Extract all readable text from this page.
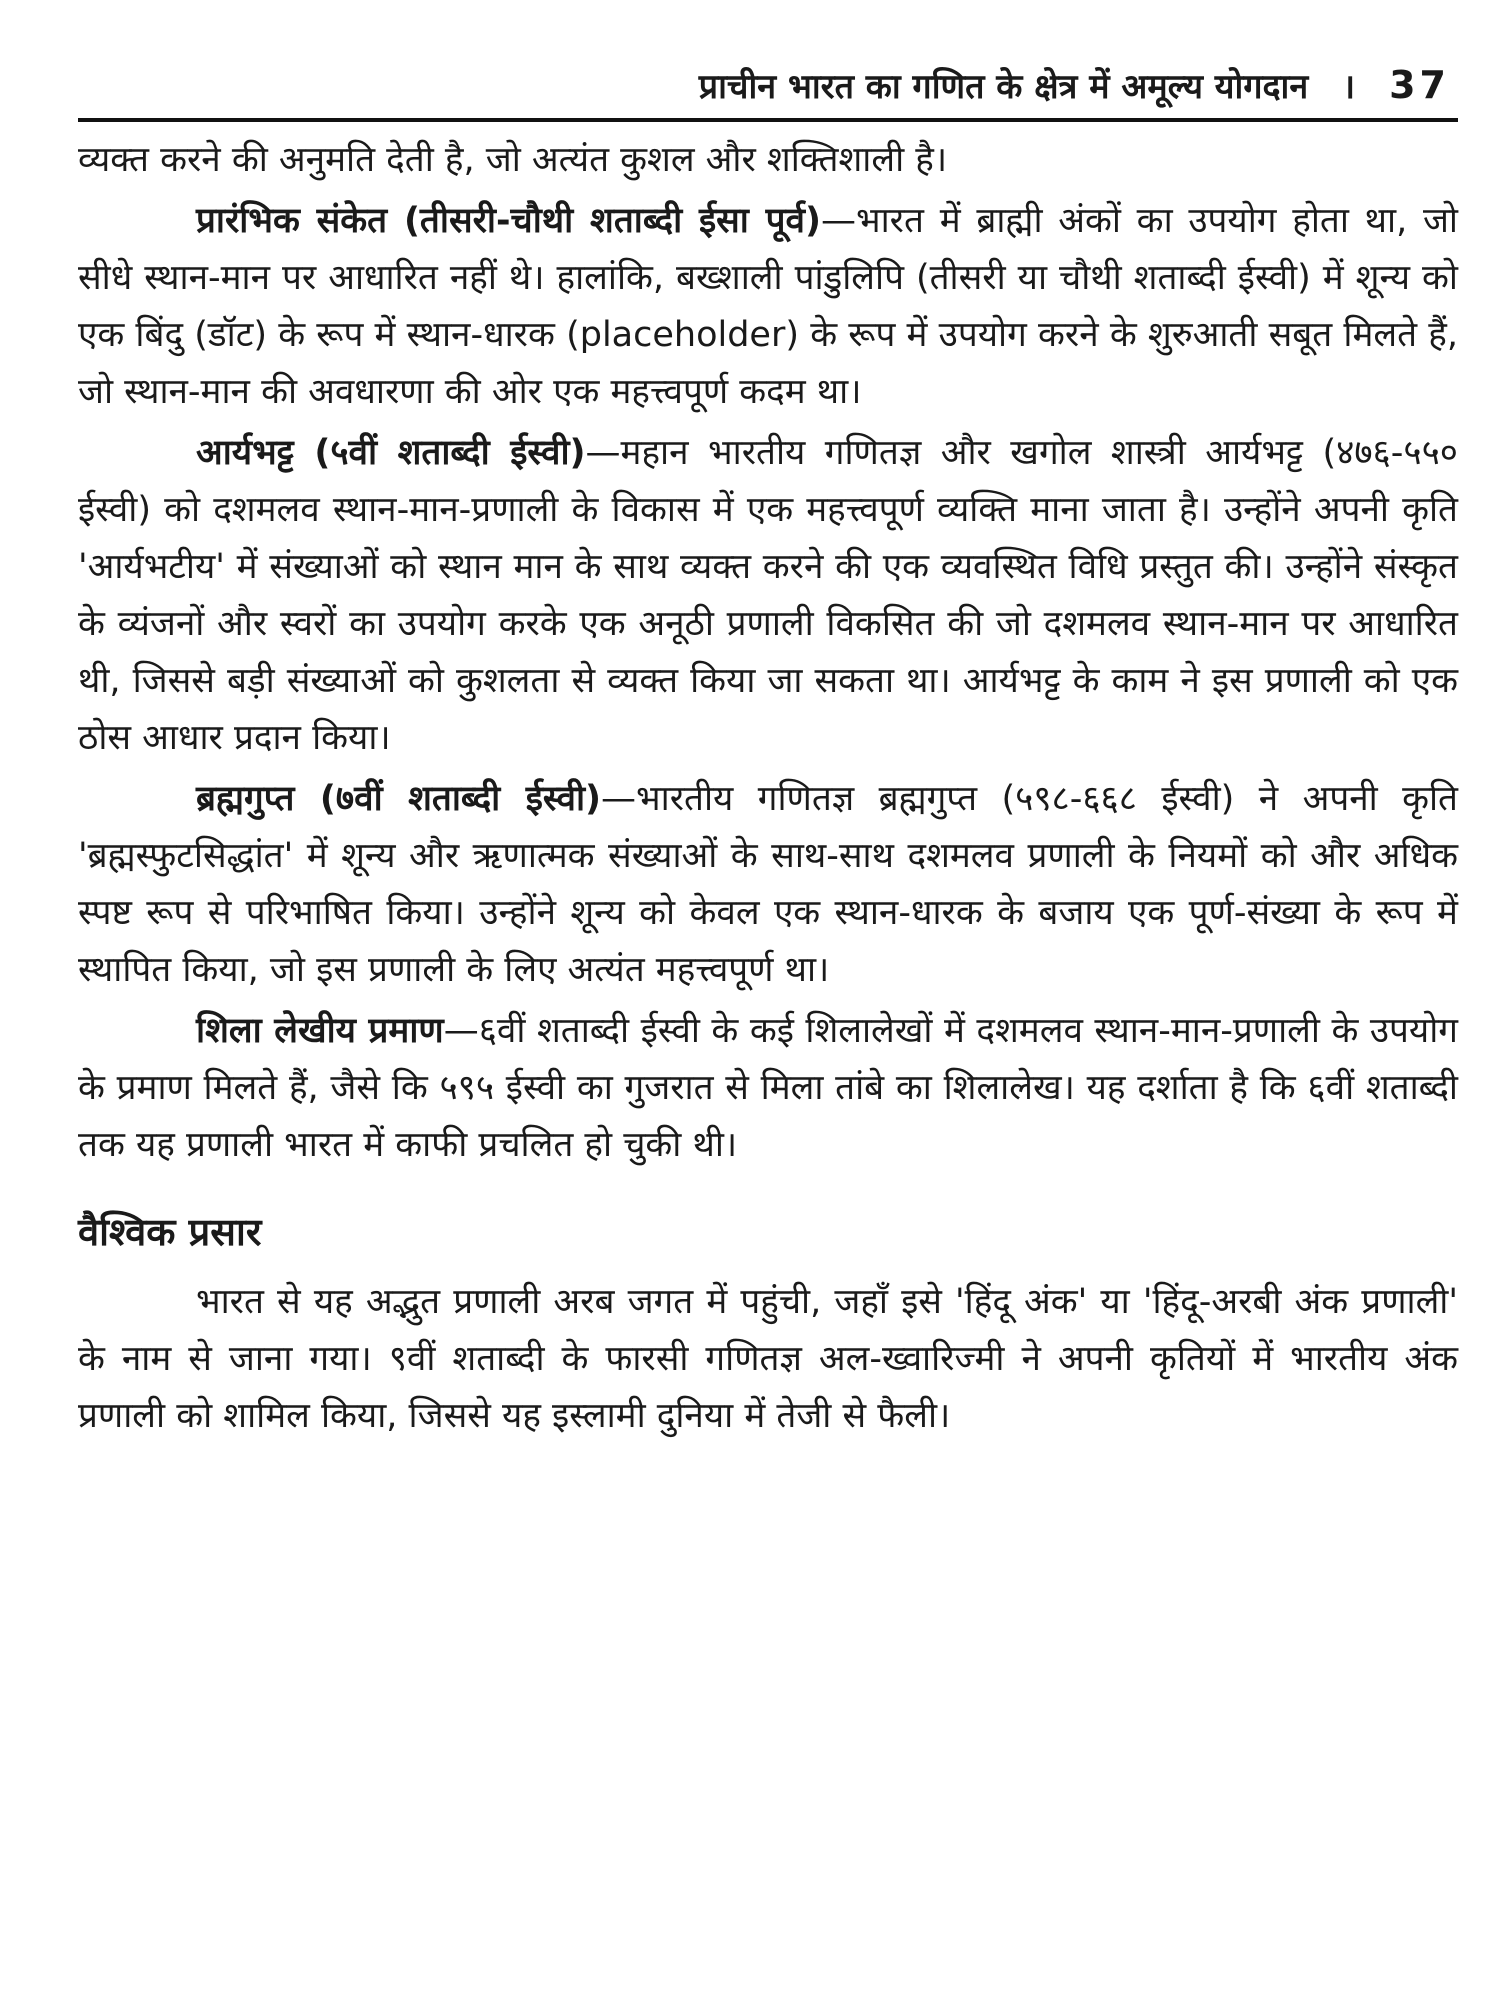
प्राचीन भारत का गणित के क्षेत्र में अमूल्य योगदान । 37

व्यक्त करने की अनुमति देती है, जो अत्यंत कुशल और शक्तिशाली है।

प्रारंभिक संकेत (तीसरी-चौथी शताब्दी ईसा पूर्व)—भारत में ब्राह्मी अंकों का उपयोग होता था, जो सीधे स्थान-मान पर आधारित नहीं थे। हालांकि, बख्शाली पांडुलिपि (तीसरी या चौथी शताब्दी ईस्वी) में शून्य को एक बिंदु (डॉट) के रूप में स्थान-धारक (placeholder) के रूप में उपयोग करने के शुरुआती सबूत मिलते हैं, जो स्थान-मान की अवधारणा की ओर एक महत्त्वपूर्ण कदम था।

आर्यभट्ट (५वीं शताब्दी ईस्वी)—महान भारतीय गणितज्ञ और खगोल शास्त्री आर्यभट्ट (४७६-५५० ईस्वी) को दशमलव स्थान-मान-प्रणाली के विकास में एक महत्त्वपूर्ण व्यक्ति माना जाता है। उन्होंने अपनी कृति 'आर्यभटीय' में संख्याओं को स्थान मान के साथ व्यक्त करने की एक व्यवस्थित विधि प्रस्तुत की। उन्होंने संस्कृत के व्यंजनों और स्वरों का उपयोग करके एक अनूठी प्रणाली विकसित की जो दशमलव स्थान-मान पर आधारित थी, जिससे बड़ी संख्याओं को कुशलता से व्यक्त किया जा सकता था। आर्यभट्ट के काम ने इस प्रणाली को एक ठोस आधार प्रदान किया।

ब्रह्मगुप्त (७वीं शताब्दी ईस्वी)—भारतीय गणितज्ञ ब्रह्मगुप्त (५९८-६६८ ईस्वी) ने अपनी कृति 'ब्रह्मस्फुटसिद्धांत' में शून्य और ऋणात्मक संख्याओं के साथ-साथ दशमलव प्रणाली के नियमों को और अधिक स्पष्ट रूप से परिभाषित किया। उन्होंने शून्य को केवल एक स्थान-धारक के बजाय एक पूर्ण-संख्या के रूप में स्थापित किया, जो इस प्रणाली के लिए अत्यंत महत्त्वपूर्ण था।

शिला लेखीय प्रमाण—६वीं शताब्दी ईस्वी के कई शिलालेखों में दशमलव स्थान-मान-प्रणाली के उपयोग के प्रमाण मिलते हैं, जैसे कि ५९५ ईस्वी का गुजरात से मिला तांबे का शिलालेख। यह दर्शाता है कि ६वीं शताब्दी तक यह प्रणाली भारत में काफी प्रचलित हो चुकी थी।

वैश्विक प्रसार

भारत से यह अद्भुत प्रणाली अरब जगत में पहुंची, जहाँ इसे 'हिंदू अंक' या 'हिंदू-अरबी अंक प्रणाली' के नाम से जाना गया। ९वीं शताब्दी के फारसी गणितज्ञ अल-ख्वारिज्मी ने अपनी कृतियों में भारतीय अंक प्रणाली को शामिल किया, जिससे यह इस्लामी दुनिया में तेजी से फैली।
